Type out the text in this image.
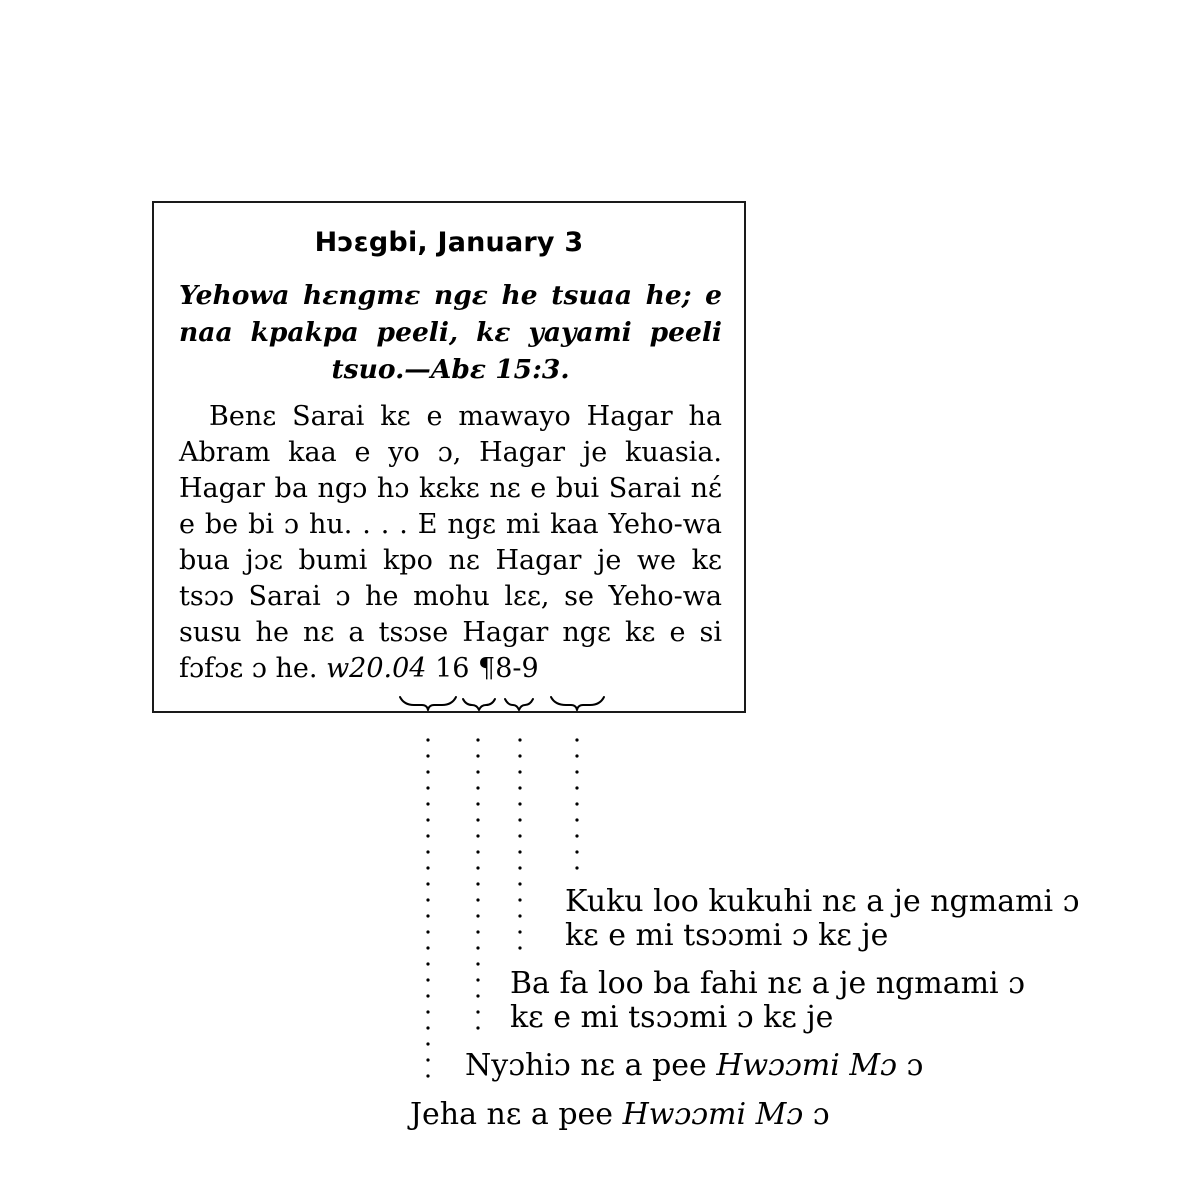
Hɔɛgbi, January 3
Yehowa hɛngmɛ ngɛ he tsuaa he; e naa kpakpa peeli, kɛ yayami peeli tsuo.—Abɛ 15:3.
Benɛ Sarai kɛ e mawayo Hagar ha Abram kaa e yo ɔ, Hagar je kuasia. Hagar ba ngɔ hɔ kɛkɛ nɛ e bui Sarai nɛ́ e be bi ɔ hu. . . . E ngɛ mi kaa Yeho-wa bua jɔɛ bumi kpo nɛ Hagar je we kɛ tsɔɔ Sarai ɔ he mohu lɛɛ, se Yeho-wa susu he nɛ a tsɔse Hagar ngɛ kɛ e si fɔfɔɛ ɔ he. w20.04 16 ¶8-9
Kuku loo kukuhi nɛ a je ngmami ɔ
kɛ e mi tsɔɔmi ɔ kɛ je
Ba fa loo ba fahi nɛ a je ngmami ɔ
kɛ e mi tsɔɔmi ɔ kɛ je
Nyɔhiɔ nɛ a pee Hwɔɔmi Mɔ ɔ
Jeha nɛ a pee Hwɔɔmi Mɔ ɔ
